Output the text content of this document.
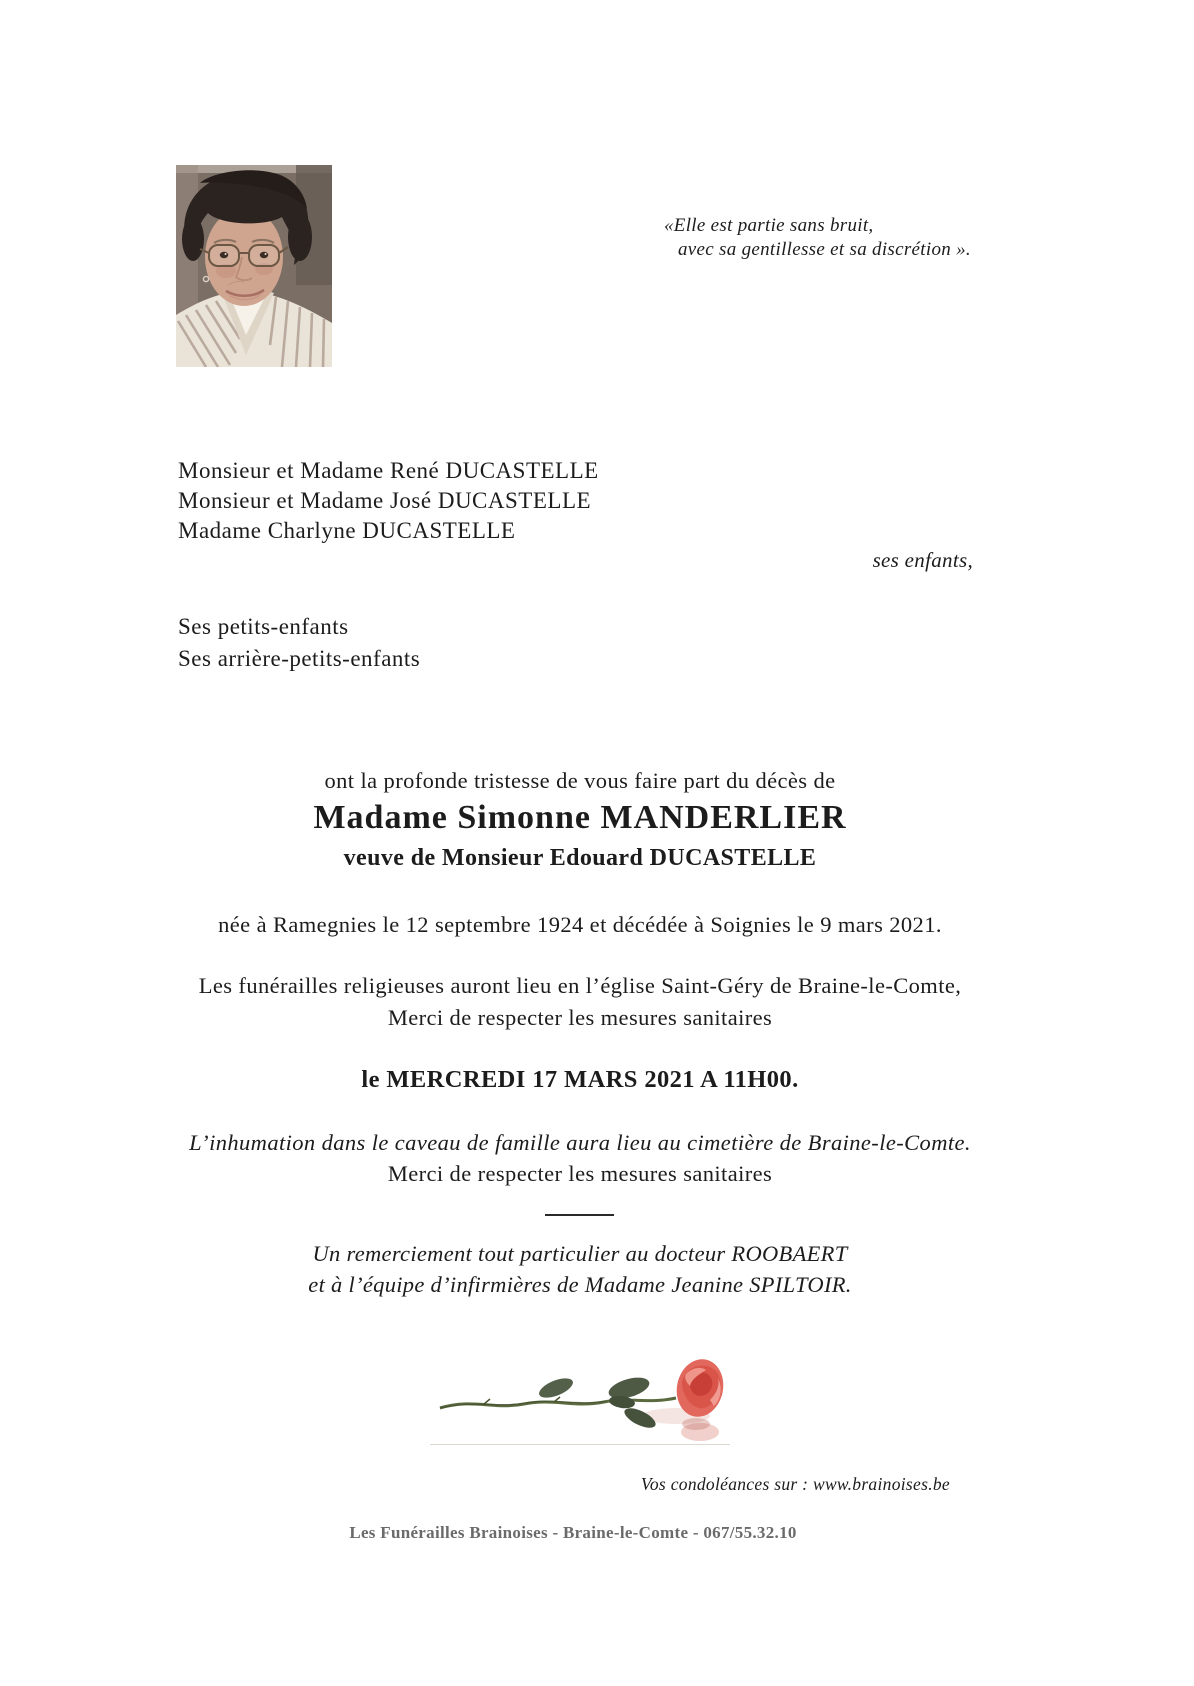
«Elle est partie sans bruit,
avec sa gentillesse et sa discrétion ».
Monsieur et Madame René DUCASTELLE
Monsieur et Madame José DUCASTELLE
Madame Charlyne DUCASTELLE
ses enfants,
Ses petits-enfants
Ses arrière-petits-enfants
ont la profonde tristesse de vous faire part du décès de
Madame Simonne MANDERLIER
veuve de Monsieur Edouard DUCASTELLE
née à Ramegnies le 12 septembre 1924 et décédée à Soignies le 9 mars 2021.
Les funérailles religieuses auront lieu en l’église Saint-Géry de Braine-le-Comte,
Merci de respecter les mesures sanitaires
le MERCREDI 17 MARS 2021 A 11H00.
L’inhumation dans le caveau de famille aura lieu au cimetière de Braine-le-Comte.
Merci de respecter les mesures sanitaires
Un remerciement tout particulier au docteur ROOBAERT
et à l’équipe d’infirmières de Madame Jeanine SPILTOIR.
Vos condoléances sur : www.brainoises.be
Les Funérailles Brainoises - Braine-le-Comte - 067/55.32.10
